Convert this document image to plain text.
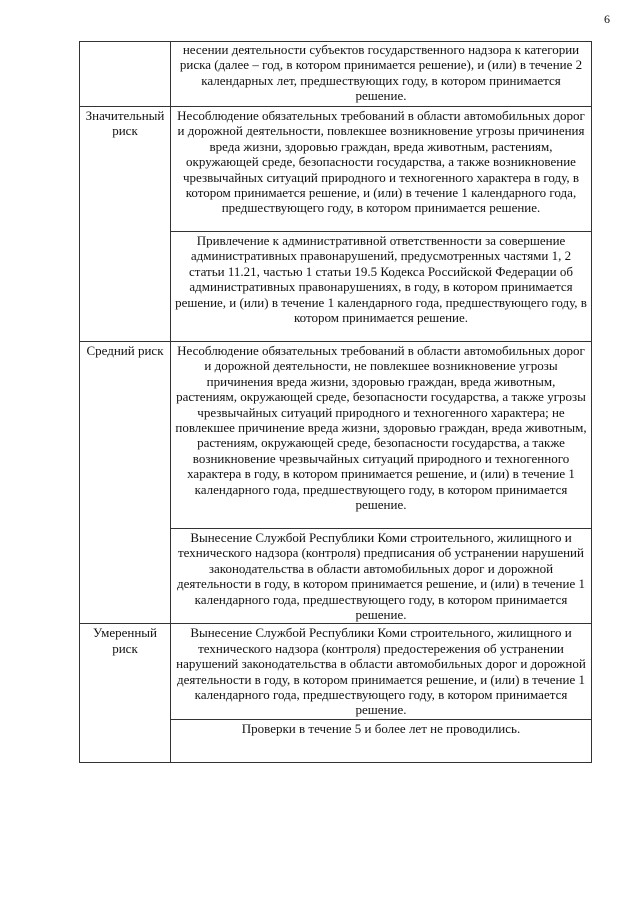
6
	несении деятельности субъектов государственного надзора к категории риска (далее – год, в котором принимается решение), и (или) в течение 2 календарных лет, предшествующих году, в котором принимается решение.
Значительный риск	Несоблюдение обязательных требований в области автомобильных дорог и дорожной деятельности, повлекшее возникновение угрозы причинения вреда жизни, здоровью граждан, вреда животным, растениям, окружающей среде, безопасности государства, а также возникновение чрезвычайных ситуаций природного и техногенного характера в году, в котором принимается решение, и (или) в течение 1 календарного года, предшествующего году, в котором принимается решение.
	Привлечение к административной ответственности за совершение административных правонарушений, предусмотренных частями 1, 2 статьи 11.21, частью 1 статьи 19.5 Кодекса Российской Федерации об административных правонарушениях, в году, в котором принимается решение, и (или) в течение 1 календарного года, предшествующего году, в котором принимается решение.
Средний риск	Несоблюдение обязательных требований в области автомобильных дорог и дорожной деятельности, не повлекшее возникновение угрозы причинения вреда жизни, здоровью граждан, вреда животным, растениям, окружающей среде, безопасности государства, а также угрозы чрезвычайных ситуаций природного и техногенного характера; не повлекшее причинение вреда жизни, здоровью граждан, вреда животным, растениям, окружающей среде, безопасности государства, а также возникновение чрезвычайных ситуаций природного и техногенного характера в году, в котором принимается решение, и (или) в течение 1 календарного года, предшествующего году, в котором принимается решение.
	Вынесение Службой Республики Коми строительного, жилищного и технического надзора (контроля) предписания об устранении нарушений законодательства в области автомобильных дорог и дорожной деятельности в году, в котором принимается решение, и (или) в течение 1 календарного года, предшествующего году, в котором принимается решение.
Умеренный риск	Вынесение Службой Республики Коми строительного, жилищного и технического надзора (контроля) предостережения об устранении нарушений законодательства в области автомобильных дорог и дорожной деятельности в году, в котором принимается решение, и (или) в течение 1 календарного года, предшествующего году, в котором принимается решение.
	Проверки в течение 5 и более лет не проводились.
